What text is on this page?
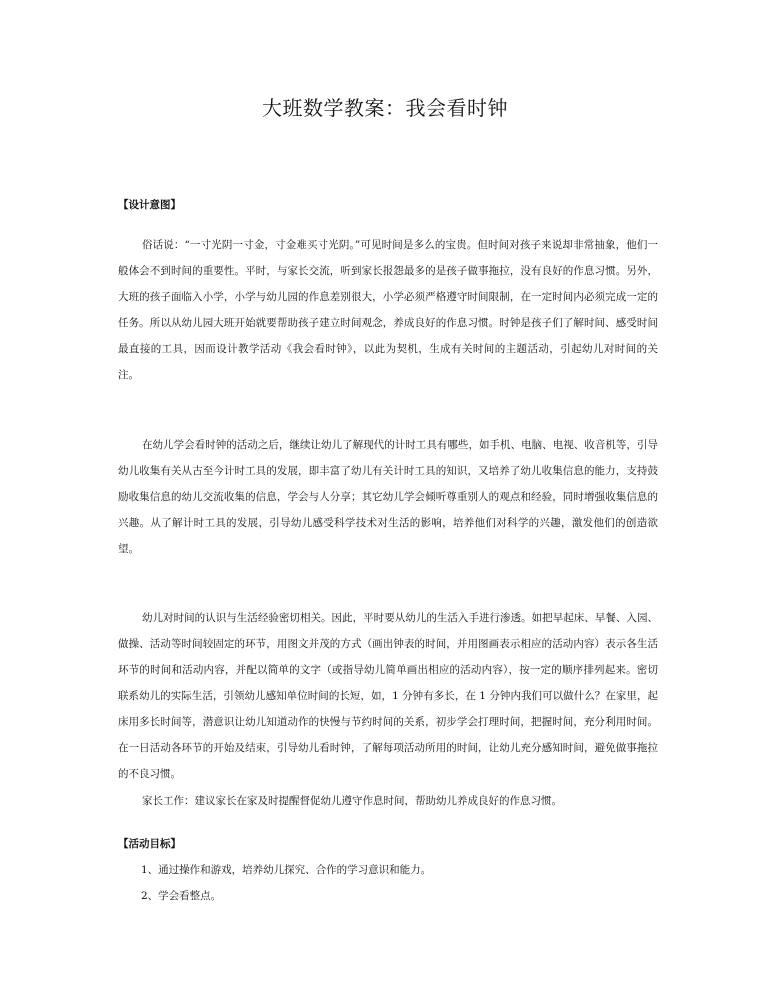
大班数学教案：我会看时钟

【设计意图】

俗话说：“一寸光阴一寸金，寸金难买寸光阴。”可见时间是多么的宝贵。但时间对孩子来说却非常抽象，他们一般体会不到时间的重要性。平时，与家长交流，听到家长报怨最多的是孩子做事拖拉，没有良好的作息习惯。另外，大班的孩子面临入小学，小学与幼儿园的作息差别很大，小学必须严格遵守时间限制，在一定时间内必须完成一定的任务。所以从幼儿园大班开始就要帮助孩子建立时间观念，养成良好的作息习惯。时钟是孩子们了解时间、感受时间最直接的工具，因而设计教学活动《我会看时钟》，以此为契机，生成有关时间的主题活动，引起幼儿对时间的关注。

在幼儿学会看时钟的活动之后，继续让幼儿了解现代的计时工具有哪些，如手机、电脑、电视、收音机等，引导幼儿收集有关从古至今计时工具的发展，即丰富了幼儿有关计时工具的知识，又培养了幼儿收集信息的能力，支持鼓励收集信息的幼儿交流收集的信息，学会与人分享；其它幼儿学会倾听尊重别人的观点和经验，同时增强收集信息的兴趣。从了解计时工具的发展，引导幼儿感受科学技术对生活的影响，培养他们对科学的兴趣，激发他们的创造欲望。

幼儿对时间的认识与生活经验密切相关。因此，平时要从幼儿的生活入手进行渗透。如把早起床、早餐、入园、做操、活动等时间较固定的环节，用图文并茂的方式（画出钟表的时间，并用图画表示相应的活动内容）表示各生活环节的时间和活动内容，并配以简单的文字（或指导幼儿简单画出相应的活动内容），按一定的顺序排列起来。密切联系幼儿的实际生活，引领幼儿感知单位时间的长短，如，1 分钟有多长，在 1 分钟内我们可以做什么？在家里，起床用多长时间等，潜意识让幼儿知道动作的快慢与节约时间的关系，初步学会打理时间，把握时间，充分利用时间。在一日活动各环节的开始及结束，引导幼儿看时钟，了解每项活动所用的时间，让幼儿充分感知时间，避免做事拖拉的不良习惯。

家长工作：建议家长在家及时提醒督促幼儿遵守作息时间，帮助幼儿养成良好的作息习惯。

【活动目标】

1、通过操作和游戏，培养幼儿探究、合作的学习意识和能力。

2、学会看整点。
